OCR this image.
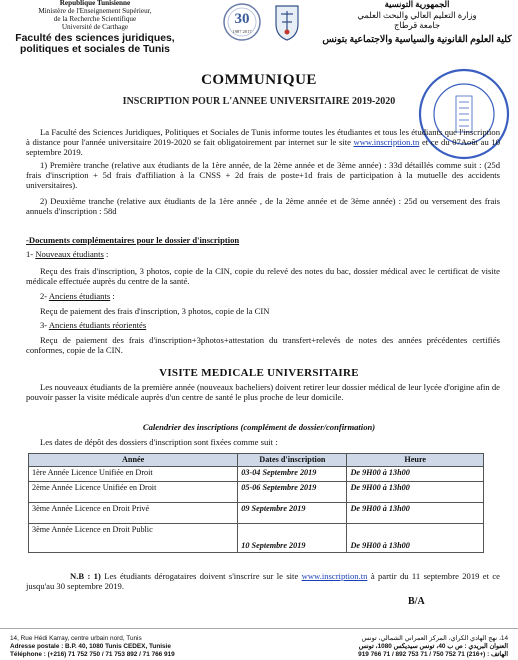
Republique Tunisienne
Ministère de l'Enseignement Supérieur,
de la Recherche Scientifique
Université de Carthage
Faculté des sciences juridiques,
politiques et sociales de Tunis
30
1987 2017
الجمهورية التونسية
وزارة التعليم العالي والبحث العلمي
جامعة قرطاج
كلية العلوم القانونية والسياسية والاجتماعية بتونس
COMMUNIQUE
INSCRIPTION POUR L'ANNEE UNIVERSITAIRE 2019-2020
La Faculté des Sciences Juridiques, Politiques et Sociales de Tunis informe toutes les étudiantes et tous les étudiants que l'inscription à distance pour l'année universitaire 2019-2020 se fait obligatoirement par internet sur le site www.inscription.tn et ce du 07Août au 10 septembre 2019.
1) Première tranche (relative aux étudiants de la 1ère année, de la 2ème année et de 3ème année) : 33d détaillés comme suit : (25d frais d'inscription + 5d frais d'affiliation à la CNSS + 2d frais de poste+1d frais de participation à la mutuelle des accidents universitaires).
2) Deuxième tranche (relative aux étudiants de la 1ère année , de la 2ème année et de 3ème année) : 25d ou versement des frais annuels d'inscription : 58d
-Documents complémentaires pour le dossier d'inscription
1- Nouveaux étudiants :
Reçu des frais d'inscription, 3 photos, copie de la CIN, copie du relevé des notes du bac, dossier médical avec le certificat de visite médicale effectuée auprès du centre de la santé.
2- Anciens étudiants :
Reçu de paiement des frais d'inscription, 3 photos, copie de la CIN
3- Anciens étudiants réorientés
Reçu de paiement des frais d'inscription+3photos+attestation du transfert+relevés de notes des années précédentes certifiés conformes, copie de la CIN.
VISITE MEDICALE UNIVERSITAIRE
Les nouveaux étudiants de la première année (nouveaux bacheliers) doivent retirer leur dossier médical de leur lycée d'origine afin de pouvoir passer la visite médicale auprès d'un centre de santé le plus proche de leur domicile.
Calendrier des inscriptions (complément de dossier/confirmation)
Les dates de dépôt des dossiers d'inscription sont fixées comme suit :
Année	Dates d'inscription	Heure
1ère Année Licence Unifiée en Droit	03-04 Septembre 2019	De 9H00 à 13h00
2ème Année Licence Unifiée en Droit	05-06 Septembre 2019	De 9H00 à 13h00
3ème Année Licence en Droit Privé	09 Septembre 2019	De 9H00 à 13h00
3ème Année Licence en Droit Public	10 Septembre 2019	De 9H00 à 13h00
N.B : 1) Les étudiants dérogataires doivent s'inscrire sur le site www.inscription.tn à partir du 11 septembre 2019 et ce jusqu'au 30 septembre 2019.
B/A
14, Rue Hédi Karray, centre urbain nord, Tunis
Adresse postale : B.P. 40, 1080 Tunis CEDEX, Tunisie
Téléphone : (+216) 71 752 750 / 71 753 892 / 71 766 919
14، نهج الهادي الكراي، المركز العمراني الشمالي، تونس
العنوان البريدي : ص ب 40، تونس سيديكس 1080، تونس
الهاتف : (+216) 71 752 750 / 71 753 892 / 71 766 919
